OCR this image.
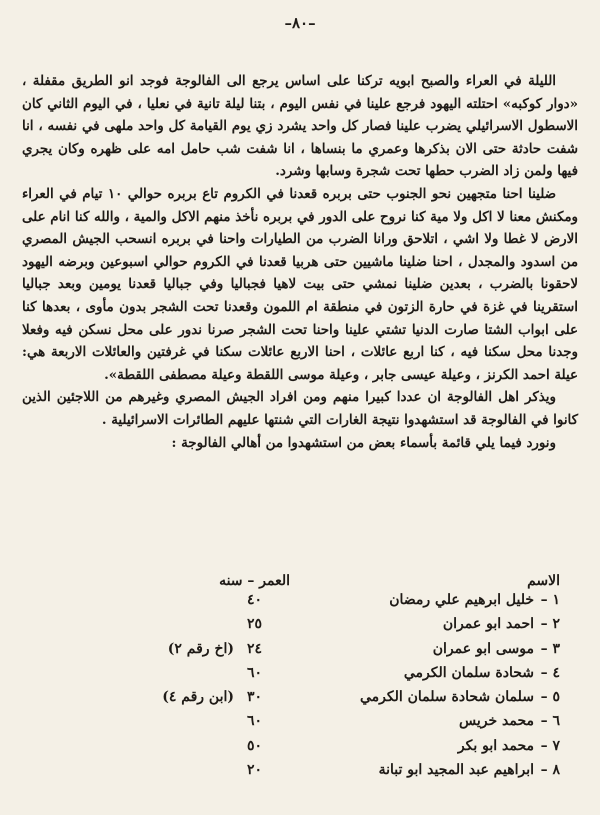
–٨٠–

الليلة في العراء والصبح ابويه تركنا على اساس يرجع الى الفالوجة فوجد انو الطريق مقفلة ، «دوار كوكبه» احتلته اليهود فرجع علينا في نفس اليوم ، بتنا ليلة تانية في نعليا ، في اليوم الثاني كان الاسطول الاسرائيلي يضرب علينا فصار كل واحد يشرد زي يوم القيامة كل واحد ملهى في نفسه ، انا شفت حادثة حتى الان بذكرها وعمري ما بنساها ، انا شفت شب حامل امه على ظهره وكان يجري فيها ولمن زاد الضرب حطها تحت شجرة وسابها وشرد.

ضلينا احنا متجهين نحو الجنوب حتى بربره قعدنا في الكروم تاع بربره حوالي ١٠ تيام في العراء ومكنش معنا لا اكل ولا مية كنا نروح على الدور في بربره نأخذ منهم الاكل والمية ، والله كنا انام على الارض لا غطا ولا اشي ، اتلاحق ورانا الضرب من الطيارات واحنا في بربره انسحب الجيش المصري من اسدود والمجدل ، احنا ضلينا ماشيين حتى هربيا قعدنا في الكروم حوالي اسبوعين وبرضه اليهود لاحقونا بالضرب ، بعدين ضلينا نمشي حتى بيت لاهيا فجباليا وفي جباليا قعدنا يومين وبعد جباليا استقرينا في غزة في حارة الزتون في منطقة ام اللمون وقعدنا تحت الشجر بدون مأوى ، بعدها كنا على ابواب الشتا صارت الدنيا تشتي علينا واحنا تحت الشجر صرنا ندور على محل نسكن فيه وفعلا وجدنا محل سكنا فيه ، كنا اربع عائلات ، احنا الاربع عائلات سكنا في غرفتين والعائلات الاربعة هي: عيلة احمد الكرنز ، وعيلة عيسى جابر ، وعيلة موسى اللقطة وعيلة مصطفى اللقطة».

ويذكر اهل الفالوجة ان عددا كبيرا منهم ومن افراد الجيش المصري وغيرهم من اللاجئين الذين كانوا في الفالوجة قد استشهدوا نتيجة الغارات التي شنتها عليهم الطائرات الاسرائيلية .

ونورد فيما يلي قائمة بأسماء بعض من استشهدوا من أهالي الفالوجة :

الاسم
العمر – سنه
١ –
خليل ابرهيم علي رمضان
٤٠
٢ –
احمد ابو عمران
٢٥
٣ –
موسى ابو عمران
٢٤
(اخ رقم ٢)
٤ –
شحادة سلمان الكرمي
٦٠
٥ –
سلمان شحادة سلمان الكرمي
٣٠
(ابن رقم ٤)
٦ –
محمد خريس
٦٠
٧ –
محمد ابو بكر
٥٠
٨ –
ابراهيم عبد المجيد ابو تبانة
٢٠
